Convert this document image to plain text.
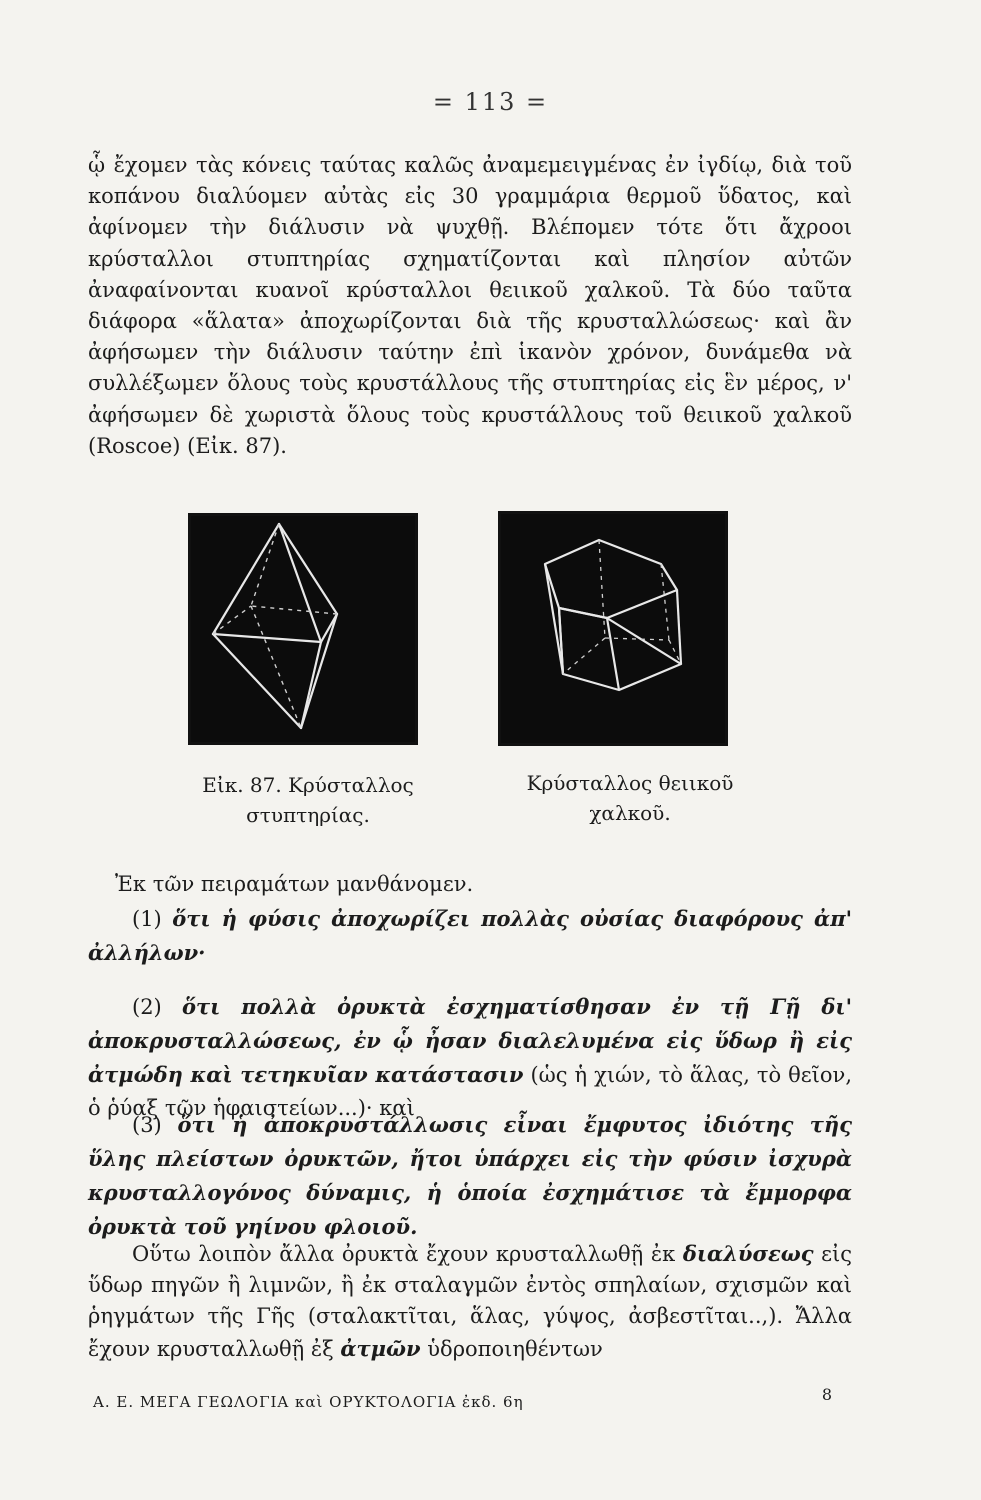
= 113 =
ᾧ ἔχομεν τὰς κόνεις ταύτας καλῶς ἀναμεμειγμένας ἐν ἰγδίῳ, διὰ τοῦ κοπάνου διαλύομεν αὐτὰς εἰς 30 γραμμάρια θερμοῦ ὕδατος, καὶ ἀφίνομεν τὴν διάλυσιν νὰ ψυχθῇ. Βλέπομεν τότε ὅτι ἄχροοι κρύσταλλοι στυπτηρίας σχηματίζονται καὶ πλησίον αὐτῶν ἀναφαίνονται κυανοῖ κρύσταλλοι θειικοῦ χαλκοῦ. Τὰ δύο ταῦτα διάφορα «ἅλατα» ἀποχωρίζονται διὰ τῆς κρυσταλλώσεως· καὶ ἂν ἀφήσωμεν τὴν διάλυσιν ταύτην ἐπὶ ἱκανὸν χρόνον, δυνάμεθα νὰ συλλέξωμεν ὅλους τοὺς κρυστάλλους τῆς στυπτηρίας εἰς ἓν μέρος, ν' ἀφήσωμεν δὲ χωριστὰ ὅλους τοὺς κρυστάλλους τοῦ θειικοῦ χαλκοῦ (Roscoe) (Εἰκ. 87).
Εἰκ. 87. Κρύσταλλος στυπτηρίας.
Κρύσταλλος θειικοῦ χαλκοῦ.
Ἐκ τῶν πειραμάτων μανθάνομεν.
(1) ὅτι ἡ φύσις ἀποχωρίζει πολλὰς οὐσίας διαφόρους ἀπ' ἀλλήλων·
(2) ὅτι πολλὰ ὀρυκτὰ ἐσχηματίσθησαν ἐν τῇ Γῇ δι' ἀποκρυσταλλώσεως, ἐν ᾧ ἦσαν διαλελυμένα εἰς ὕδωρ ἢ εἰς ἀτμώδη καὶ τετηκυῖαν κατάστασιν (ὡς ἡ χιών, τὸ ἅλας, τὸ θεῖον, ὁ ῥύαξ τῶν ἡφαιστείων...)· καὶ
(3) ὅτι ἡ ἀποκρυστάλλωσις εἶναι ἔμφυτος ἰδιότης τῆς ὕλης πλείστων ὀρυκτῶν, ἤτοι ὑπάρχει εἰς τὴν φύσιν ἰσχυρὰ κρυσταλλογόνος δύναμις, ἡ ὁποία ἐσχημάτισε τὰ ἔμμορφα ὀρυκτὰ τοῦ γηίνου φλοιοῦ.
Οὕτω λοιπὸν ἄλλα ὀρυκτὰ ἔχουν κρυσταλλωθῇ ἐκ διαλύσεως εἰς ὕδωρ πηγῶν ἢ λιμνῶν, ἢ ἐκ σταλαγμῶν ἐντὸς σπηλαίων, σχισμῶν καὶ ῥηγμάτων τῆς Γῆς (σταλακτῖται, ἅλας, γύψος, ἀσβεστῖται..,). Ἄλλα ἔχουν κρυσταλλωθῇ ἐξ ἀτμῶν ὑδροποιηθέντων
Α. Ε. ΜΕΓΑ ΓΕΩΛΟΓΙΑ καὶ ΟΡΥΚΤΟΛΟΓΙΑ ἐκδ. 6η	8
